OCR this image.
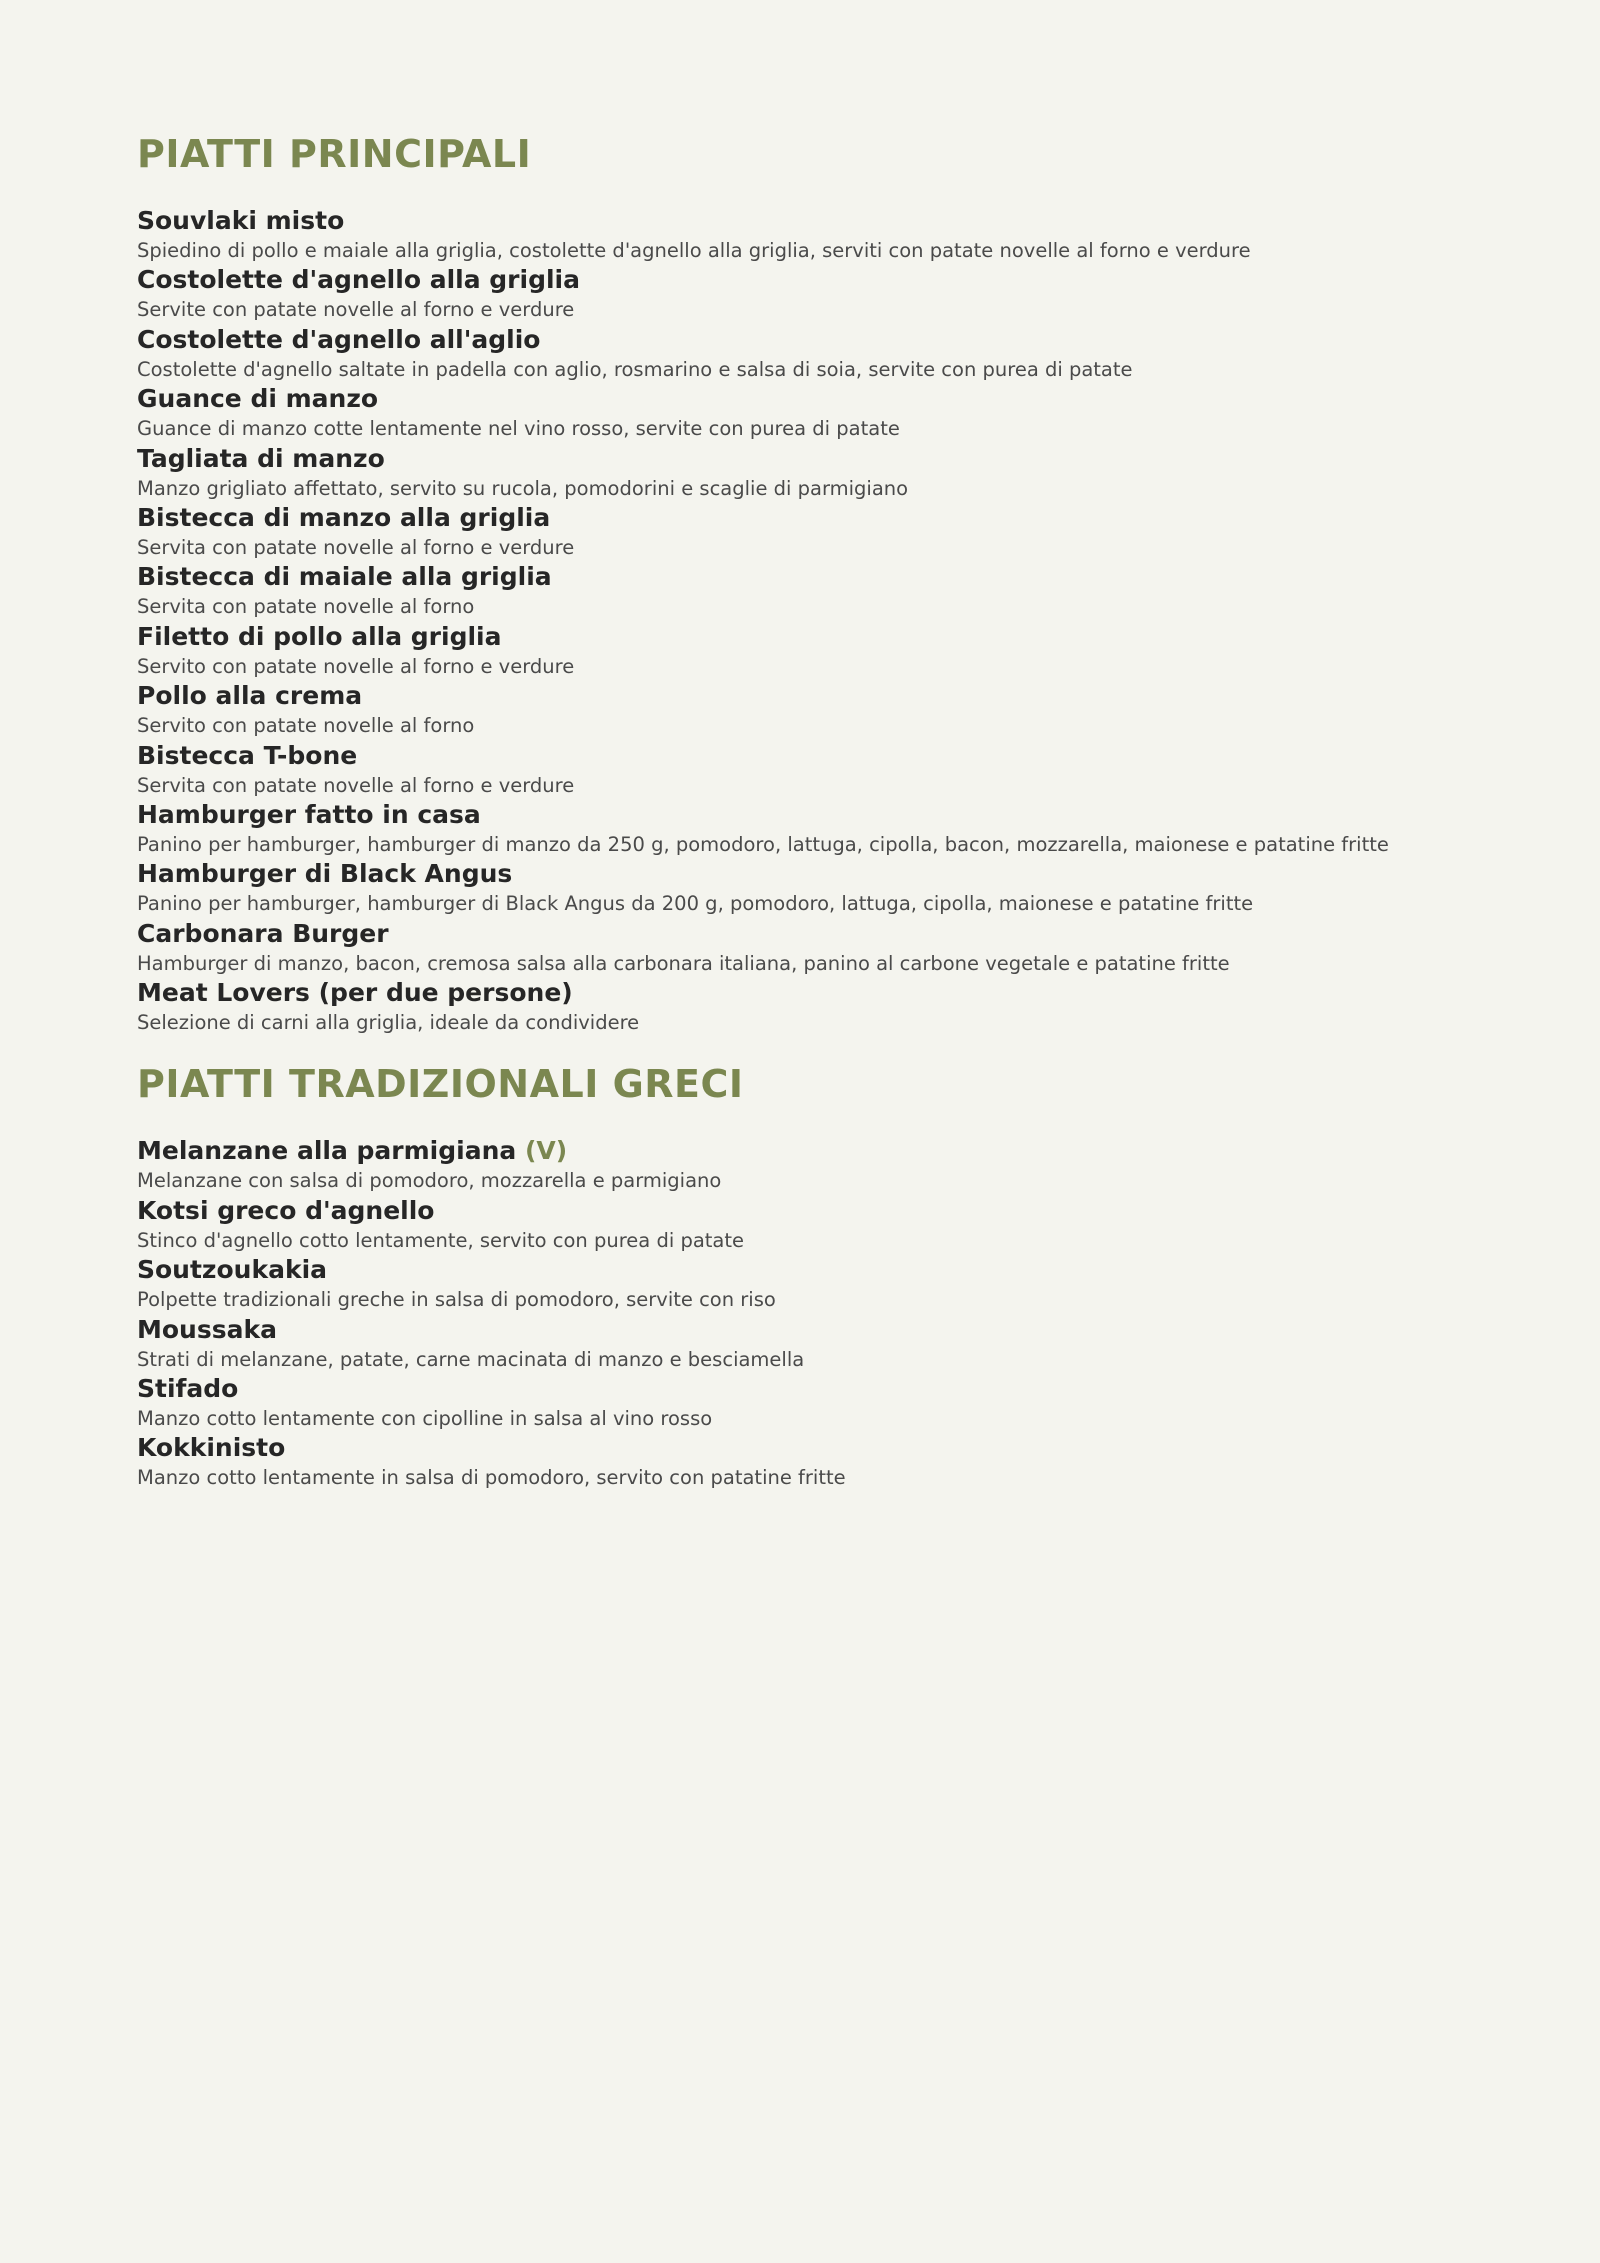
PIATTI PRINCIPALI
Souvlaki misto
Spiedino di pollo e maiale alla griglia, costolette d'agnello alla griglia, serviti con patate novelle al forno e verdure
Costolette d'agnello alla griglia
Servite con patate novelle al forno e verdure
Costolette d'agnello all'aglio
Costolette d'agnello saltate in padella con aglio, rosmarino e salsa di soia, servite con purea di patate
Guance di manzo
Guance di manzo cotte lentamente nel vino rosso, servite con purea di patate
Tagliata di manzo
Manzo grigliato affettato, servito su rucola, pomodorini e scaglie di parmigiano
Bistecca di manzo alla griglia
Servita con patate novelle al forno e verdure
Bistecca di maiale alla griglia
Servita con patate novelle al forno
Filetto di pollo alla griglia
Servito con patate novelle al forno e verdure
Pollo alla crema
Servito con patate novelle al forno
Bistecca T-bone
Servita con patate novelle al forno e verdure
Hamburger fatto in casa
Panino per hamburger, hamburger di manzo da 250 g, pomodoro, lattuga, cipolla, bacon, mozzarella, maionese e patatine fritte
Hamburger di Black Angus
Panino per hamburger, hamburger di Black Angus da 200 g, pomodoro, lattuga, cipolla, maionese e patatine fritte
Carbonara Burger
Hamburger di manzo, bacon, cremosa salsa alla carbonara italiana, panino al carbone vegetale e patatine fritte
Meat Lovers (per due persone)
Selezione di carni alla griglia, ideale da condividere
PIATTI TRADIZIONALI GRECI
Melanzane alla parmigiana (V)
Melanzane con salsa di pomodoro, mozzarella e parmigiano
Kotsi greco d'agnello
Stinco d'agnello cotto lentamente, servito con purea di patate
Soutzoukakia
Polpette tradizionali greche in salsa di pomodoro, servite con riso
Moussaka
Strati di melanzane, patate, carne macinata di manzo e besciamella
Stifado
Manzo cotto lentamente con cipolline in salsa al vino rosso
Kokkinisto
Manzo cotto lentamente in salsa di pomodoro, servito con patatine fritte
